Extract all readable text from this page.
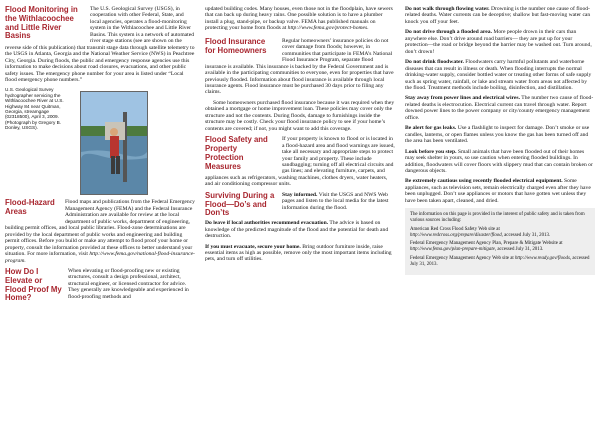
Flood Monitoring in the Withlacoochee and Little River Basins

The U.S. Geological Survey (USGS), in cooperation with other Federal, State, and local agencies, operates a flood-monitoring system in the Withlacoochee and Little River Basins. This system is a network of automated river stage stations (see are shown on the reverse side of this publication) that transmit stage data through satellite telemetry to the USGS in Atlanta, Georgia and the National Weather Service (NWS) in Peachtree City, Georgia. During floods, the public and emergency response agencies use this information to make decisions about road closures, evacuations, and other public safety issues. The emergency phone number for your area is listed under “Local flood emergency phone numbers.”

U.S. Geological Survey hydrographer servicing the Withlacoochee River at U.S. Highway 84 near Quitman, Georgia, streamgage (02318500), April 3, 2009. (Photograph by Gregory B. Donley, USGS).

Flood-Hazard Areas

Flood maps and publications from the Federal Emergency Management Agency (FEMA) and the Federal Insurance Administration are available for review at the local department of public works, department of engineering, building permit offices, and local public libraries. Flood-zone determinations are provided by the local department of public works and engineering and building permit offices. Before you build or make any attempt to flood proof your home or property, consult the information provided at these offices to better understand your situation. For more information, visit http://www.fema.gov/national-flood-insurance-program.

How Do I Elevate or Flood Proof My Home?

When elevating or flood-proofing new or existing structures, consult a design professional, architect, structural engineer, or licensed contractor for advice. They generally are knowledgeable and experienced in flood-proofing methods and

updated building codes. Many houses, even those not in the floodplain, have sewers that can back up during heavy rains. One possible solution is to have a plumber install a plug, stand-pipe, or backup valve. FEMA has published manuals on protecting your home from floods at http://www.fema.gov/protect-homes.

Flood Insurance for Homeowners

Regular homeowners’ insurance policies do not cover damage from floods; however, in communities that participate in FEMA’s National Flood Insurance Program, separate flood insurance is available. This insurance is backed by the Federal Government and is available in the participating communities to everyone, even for properties that have previously flooded. Information about flood insurance is available through local insurance agents. Flood insurance must be purchased 30 days prior to filing any claims.

Some homeowners purchased flood insurance because it was required when they obtained a mortgage or home improvement loan. These policies may cover only the structure and not the contents. During floods, damage to furnishings inside the structure may be costly. Check your flood insurance policy to see if your home’s contents are covered; if not, you might want to add this coverage.

Flood Safety and Property Protection Measures

If your property is known to flood or is located in a flood-hazard area and flood warnings are issued, take all necessary and appropriate steps to protect your family and property. These include sandbagging; turning off all electrical circuits and gas lines; and elevating furniture, carpets, and appliances such as refrigerators, washing machines, clothes dryers, water heaters, and air conditioning compressor units.

Surviving During a Flood—Do’s and Don’ts

Stay informed. Visit the USGS and NWS Web pages and listen to the local media for the latest information during the flood.

Do leave if local authorities recommend evacuation. The advice is based on knowledge of the predicted magnitude of the flood and the potential for death and destruction.

If you must evacuate, secure your home. Bring outdoor furniture inside, raise essential items as high as possible, remove only the most important items including pets, and turn off utilities.

Do not walk through flowing water. Drowning is the number one cause of flood-related deaths. Water currents can be deceptive; shallow but fast-moving water can knock you off your feet.

Do not drive through a flooded area. More people drown in their cars than anywhere else. Don’t drive around road barriers— they are put up for your protection—the road or bridge beyond the barrier may be washed out. Turn around, don’t drown!

Do not drink floodwater. Floodwaters carry harmful pollutants and waterborne diseases that can result in illness or death. When flooding interrupts the normal drinking-water supply, consider bottled water or treating other forms of safe supply such as spring water, rainfall, or lake and stream water from areas not affected by the flood. Treatment methods include boiling, disinfection, and distillation.

Stay away from power lines and electrical wires. The number two cause of flood-related deaths is electrocution. Electrical current can travel through water. Report downed power lines to the power company or city/county emergency management office.

Be alert for gas leaks. Use a flashlight to inspect for damage. Don’t smoke or use candles, lanterns, or open flames unless you know the gas has been turned off and the area has been ventilated.

Look before you step. Small animals that have been flooded out of their homes may seek shelter in yours, so use caution when entering flooded buildings. In addition, floodwaters will cover floors with slippery mud that can contain broken or dangerous objects.

Be extremely cautious using recently flooded electrical equipment. Some appliances, such as television sets, remain electrically charged even after they have been unplugged. Don’t use appliances or motors that have gotten wet unless they have been taken apart, cleaned, and dried.

The information on this page is provided in the interest of public safety and is taken from various sources including:

American Red Cross Flood Safety Web site at http://www.redcross.org/prepare/disaster/flood, accessed July 31, 2013.

Federal Emergency Management Agency Plan, Prepare & Mitigate Website at http://www.fema.gov/plan-prepare-mitigate, accessed July 31, 2013.

Federal Emergency Management Agency Web site at http://www.ready.gov/floods, accessed July 31, 2013.
